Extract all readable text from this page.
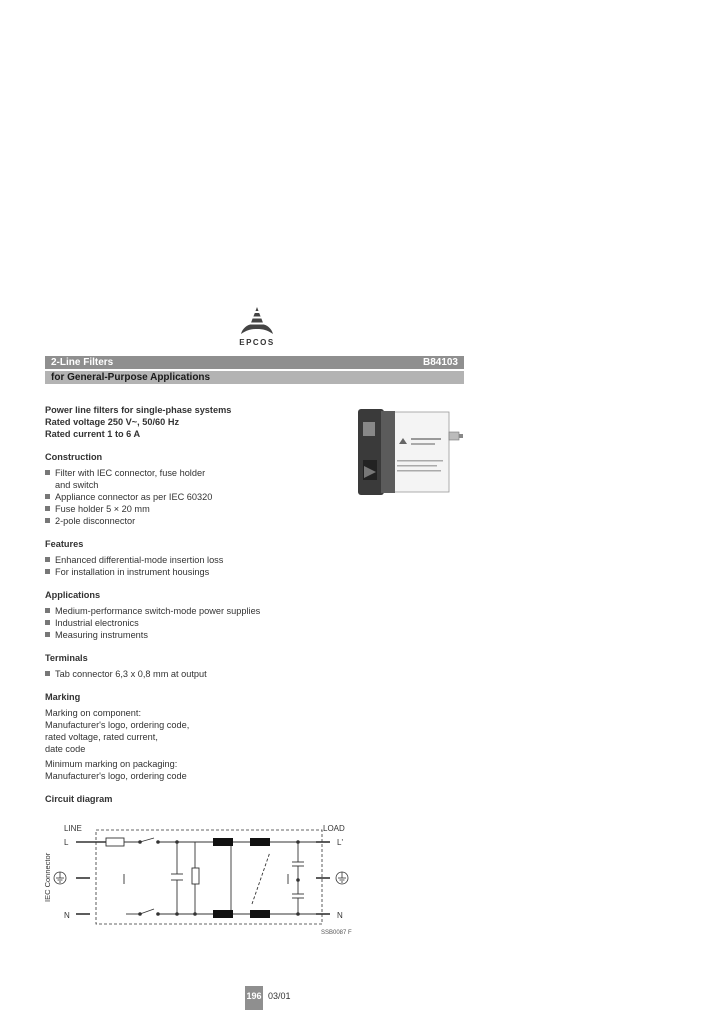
EPCOS
2-Line Filters	B84103
for General-Purpose Applications
Power line filters for single-phase systems
Rated voltage 250 V~, 50/60 Hz
Rated current 1 to 6 A
Construction
Filter with IEC connector, fuse holder
and switch
Appliance connector as per IEC 60320
Fuse holder 5 × 20 mm
2-pole disconnector
Features
Enhanced differential-mode insertion loss
For installation in instrument housings
Applications
Medium-performance switch-mode power supplies
Industrial electronics
Measuring instruments
Terminals
Tab connector 6,3 x 0,8 mm at output
Marking

Marking on component:
Manufacturer's logo, ordering code,
rated voltage, rated current,
date code

Minimum marking on packaging:
Manufacturer's logo, ordering code

Circuit diagram
LINE	LOAD
L
N
L'
N
IEC Connector
SSB0087 F
196 03/01
